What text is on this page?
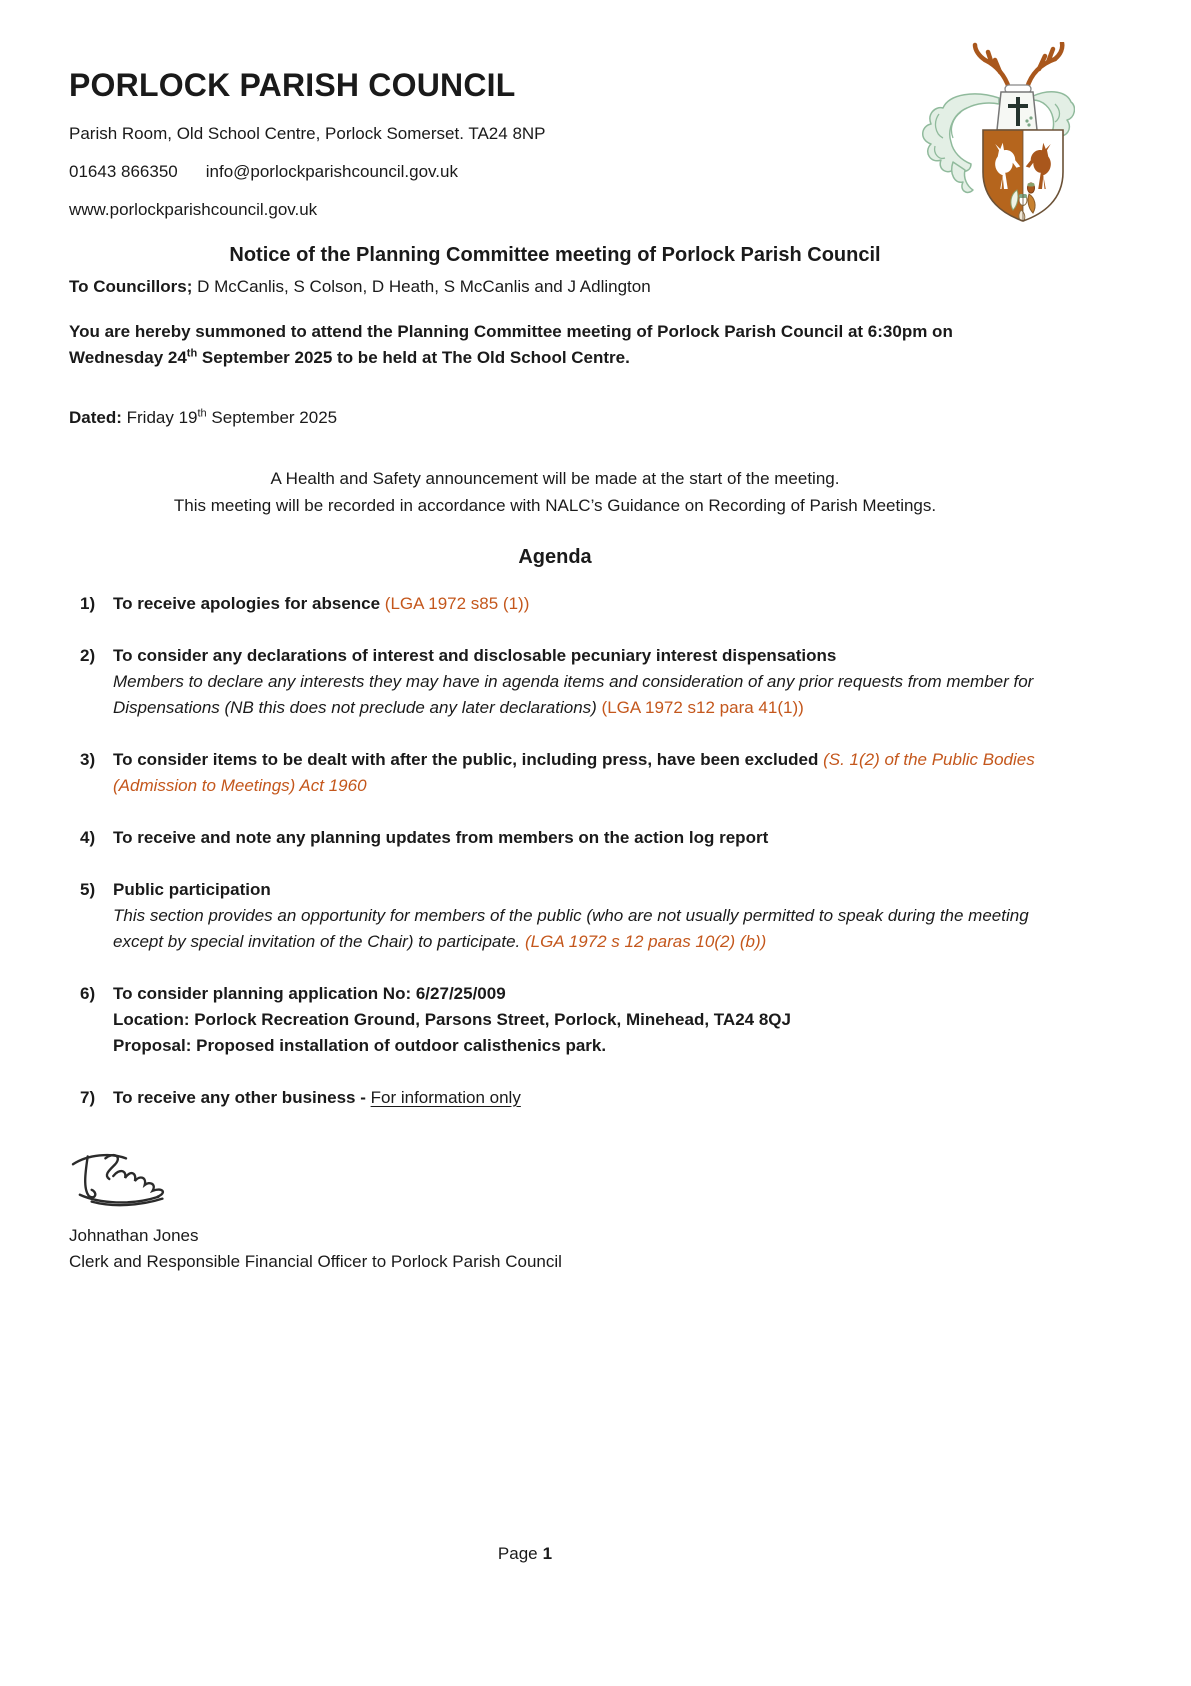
PORLOCK PARISH COUNCIL

Parish Room, Old School Centre, Porlock Somerset. TA24 8NP

01643 866350 info@porlockparishcouncil.gov.uk

www.porlockparishcouncil.gov.uk

Notice of the Planning Committee meeting of Porlock Parish Council

To Councillors; D McCanlis, S Colson, D Heath, S McCanlis and J Adlington

You are hereby summoned to attend the Planning Committee meeting of Porlock Parish Council at 6:30pm on
Wednesday 24th September 2025 to be held at The Old School Centre.

Dated: Friday 19th September 2025

A Health and Safety announcement will be made at the start of the meeting.
This meeting will be recorded in accordance with NALC’s Guidance on Recording of Parish Meetings.
Agenda
1)	To receive apologies for absence (LGA 1972 s85 (1))
2)	To consider any declarations of interest and disclosable pecuniary interest dispensations
Members to declare any interests they may have in agenda items and consideration of any prior requests from member for Dispensations (NB this does not preclude any later declarations) (LGA 1972 s12 para 41(1))
3)	To consider items to be dealt with after the public, including press, have been excluded (S. 1(2) of the Public Bodies (Admission to Meetings) Act 1960
4)	To receive and note any planning updates from members on the action log report
5)	Public participation
This section provides an opportunity for members of the public (who are not usually permitted to speak during the meeting except by special invitation of the Chair) to participate. (LGA 1972 s 12 paras 10(2) (b))
6)	To consider planning application No: 6/27/25/009
Location: Porlock Recreation Ground, Parsons Street, Porlock, Minehead, TA24 8QJ
Proposal: Proposed installation of outdoor calisthenics park.
7)	To receive any other business - For information only
Johnathan Jones
Clerk and Responsible Financial Officer to Porlock Parish Council
Page 1
